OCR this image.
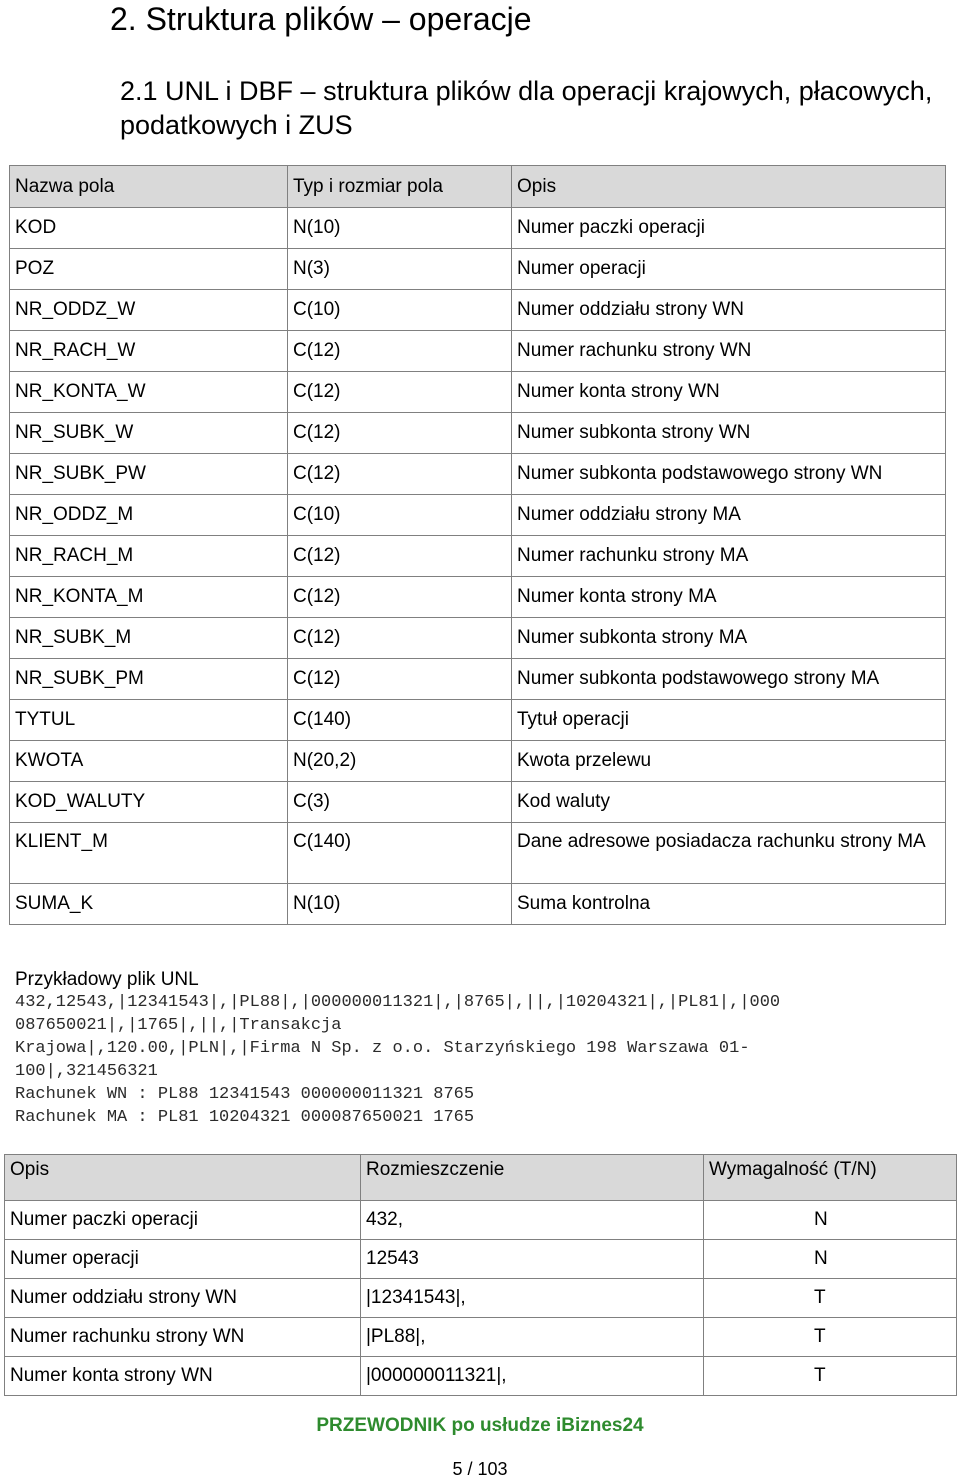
2. Struktura plików – operacje
2.1 UNL i DBF – struktura plików dla operacji krajowych, płacowych, podatkowych i ZUS
Nazwa pola	Typ i rozmiar pola	Opis
KOD	N(10)	Numer paczki operacji
POZ	N(3)	Numer operacji
NR_ODDZ_W	C(10)	Numer oddziału strony WN
NR_RACH_W	C(12)	Numer rachunku strony WN
NR_KONTA_W	C(12)	Numer konta strony WN
NR_SUBK_W	C(12)	Numer subkonta strony WN
NR_SUBK_PW	C(12)	Numer subkonta podstawowego strony WN
NR_ODDZ_M	C(10)	Numer oddziału strony MA
NR_RACH_M	C(12)	Numer rachunku strony MA
NR_KONTA_M	C(12)	Numer konta strony MA
NR_SUBK_M	C(12)	Numer subkonta strony MA
NR_SUBK_PM	C(12)	Numer subkonta podstawowego strony MA
TYTUL	C(140)	Tytuł operacji
KWOTA	N(20,2)	Kwota przelewu
KOD_WALUTY	C(3)	Kod waluty
KLIENT_M	C(140)	Dane adresowe posiadacza rachunku strony MA
SUMA_K	N(10)	Suma kontrolna
Przykładowy plik UNL
432,12543,|12341543|,|PL88|,|000000011321|,|8765|,||,|10204321|,|PL81|,|000
087650021|,|1765|,||,|Transakcja
Krajowa|,120.00,|PLN|,|Firma N Sp. z o.o. Starzyńskiego 198 Warszawa 01-
100|,321456321
Rachunek WN : PL88 12341543 000000011321 8765
Rachunek MA : PL81 10204321 000087650021 1765
Opis	Rozmieszczenie	Wymagalność (T/N)
Numer paczki operacji	432,	N
Numer operacji	12543	N
Numer oddziału strony WN	|12341543|,	T
Numer rachunku strony WN	|PL88|,	T
Numer konta strony WN	|000000011321|,	T
PRZEWODNIK po usłudze iBiznes24
5 / 103
